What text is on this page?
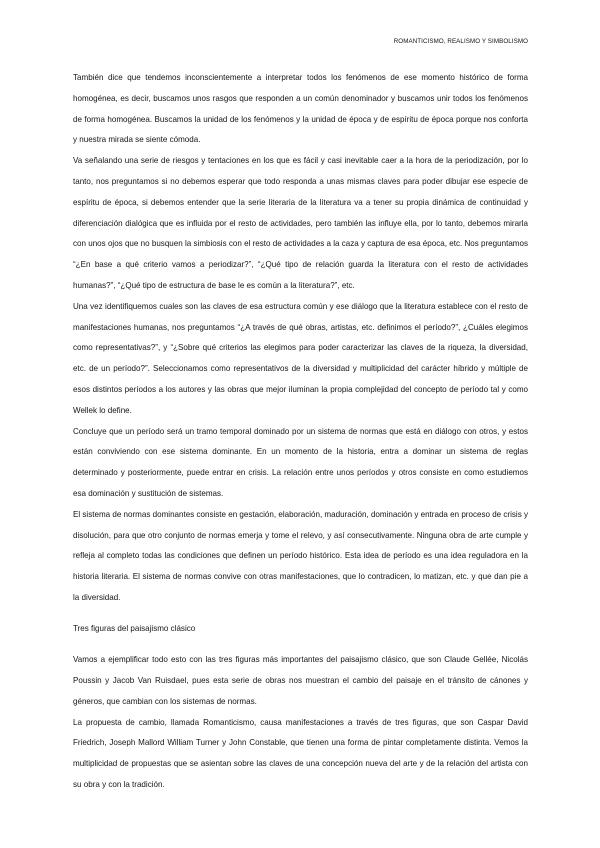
ROMANTICISMO, REALISMO Y SIMBOLISMO

También dice que tendemos inconscientemente a interpretar todos los fenómenos de ese momento histórico de forma homogénea, es decir, buscamos unos rasgos que responden a un común denominador y buscamos unir todos los fenómenos de forma homogénea. Buscamos la unidad de los fenómenos y la unidad de época y de espíritu de época porque nos conforta y nuestra mirada se siente cómoda.

Va señalando una serie de riesgos y tentaciones en los que es fácil y casi inevitable caer a la hora de la periodización, por lo tanto, nos preguntamos si no debemos esperar que todo responda a unas mismas claves para poder dibujar ese especie de espíritu de época, si debemos entender que la serie literaria de la literatura va a tener su propia dinámica de continuidad y diferenciación dialógica que es influida por el resto de actividades, pero también las influye ella, por lo tanto, debemos mirarla con unos ojos que no busquen la simbiosis con el resto de actividades a la caza y captura de esa época, etc. Nos preguntamos “¿En base a qué criterio vamos a periodizar?”, “¿Qué tipo de relación guarda la literatura con el resto de actividades humanas?”, “¿Qué tipo de estructura de base le es común a la literatura?”, etc.

Una vez identifiquemos cuales son las claves de esa estructura común y ese diálogo que la literatura establece con el resto de manifestaciones humanas, nos preguntamos “¿A través de qué obras, artistas, etc. definimos el período?”, ¿Cuáles elegimos como representativas?”, y “¿Sobre qué criterios las elegimos para poder caracterizar las claves de la riqueza, la diversidad, etc. de un período?”. Seleccionamos como representativos de la diversidad y multiplicidad del carácter híbrido y múltiple de esos distintos períodos a los autores y las obras que mejor iluminan la propia complejidad del concepto de período tal y como Wellek lo define.

Concluye que un período será un tramo temporal dominado por un sistema de normas que está en diálogo con otros, y estos están conviviendo con ese sistema dominante. En un momento de la historia, entra a dominar un sistema de reglas determinado y posteriormente, puede entrar en crisis. La relación entre unos períodos y otros consiste en como estudiemos esa dominación y sustitución de sistemas.

El sistema de normas dominantes consiste en gestación, elaboración, maduración, dominación y entrada en proceso de crisis y disolución, para que otro conjunto de normas emerja y tome el relevo, y así consecutivamente. Ninguna obra de arte cumple y refleja al completo todas las condiciones que definen un período histórico. Esta idea de período es una idea reguladora en la historia literaria. El sistema de normas convive con otras manifestaciones, que lo contradicen, lo matizan, etc. y que dan pie a la diversidad.

Tres figuras del paisajismo clásico

Vamos a ejemplificar todo esto con las tres figuras más importantes del paisajismo clásico, que son Claude Gellée, Nicolás Poussin y Jacob Van Ruisdael, pues esta serie de obras nos muestran el cambio del paisaje en el tránsito de cánones y géneros, que cambian con los sistemas de normas.

La propuesta de cambio, llamada Romanticismo, causa manifestaciones a través de tres figuras, que son Caspar David Friedrich, Joseph Mallord William Turner y John Constable, que tienen una forma de pintar completamente distinta. Vemos la multiplicidad de propuestas que se asientan sobre las claves de una concepción nueva del arte y de la relación del artista con su obra y con la tradición.
